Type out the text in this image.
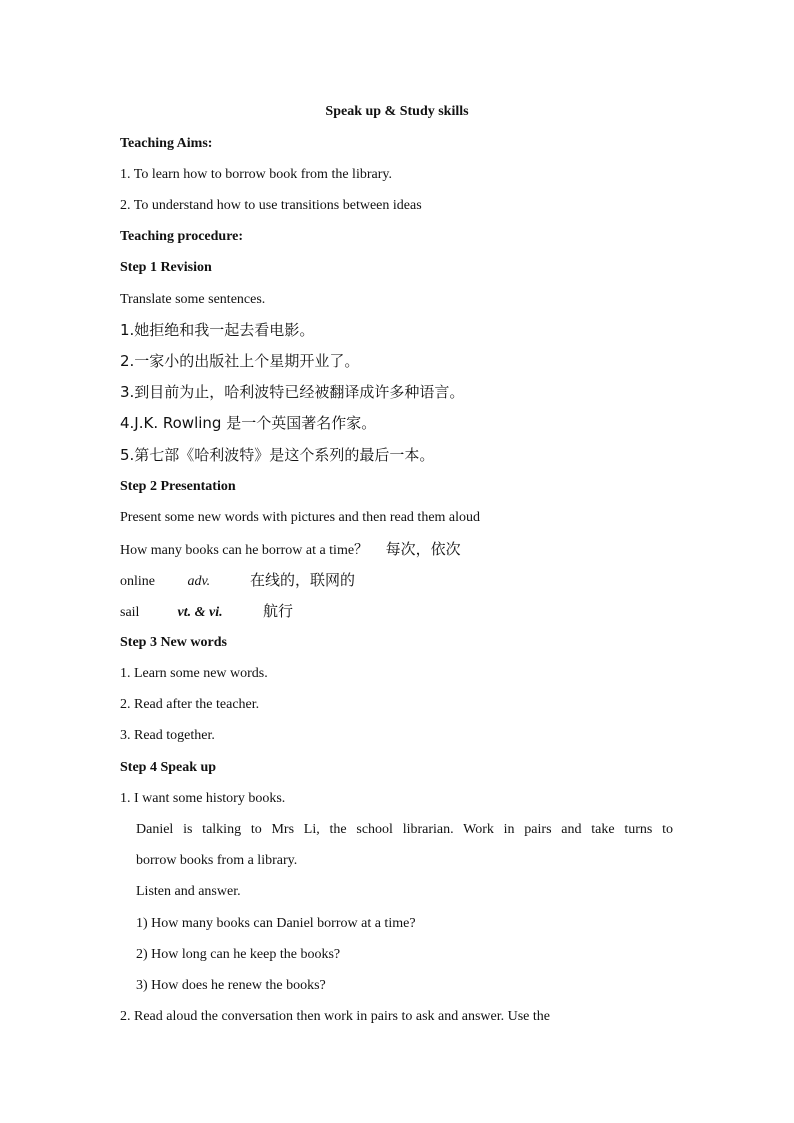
Speak up & Study skills
Teaching Aims:
1. To learn how to borrow book from the library.
2. To understand how to use transitions between ideas
Teaching procedure:
Step 1 Revision
Translate some sentences.
1.她拒绝和我一起去看电影。
2.一家小的出版社上个星期开业了。
3.到目前为止，哈利波特已经被翻译成许多种语言。
4.J.K. Rowling 是一个英国著名作家。
5.第七部《哈利波特》是这个系列的最后一本。
Step 2 Presentation
Present some new words with pictures and then read them aloud
How many books can he borrow at a time？ 每次，依次
online adv.	在线的，联网的
sail	vt. & vi.	航行
Step 3 New words
1. Learn some new words.
2. Read after the teacher.
3. Read together.
Step 4 Speak up
1. I want some history books.
Daniel is talking to Mrs Li, the school librarian. Work in pairs and take turns to
borrow books from a library.
Listen and answer.
1) How many books can Daniel borrow at a time?
2) How long can he keep the books?
3) How does he renew the books?
2. Read aloud the conversation then work in pairs to ask and answer. Use the
